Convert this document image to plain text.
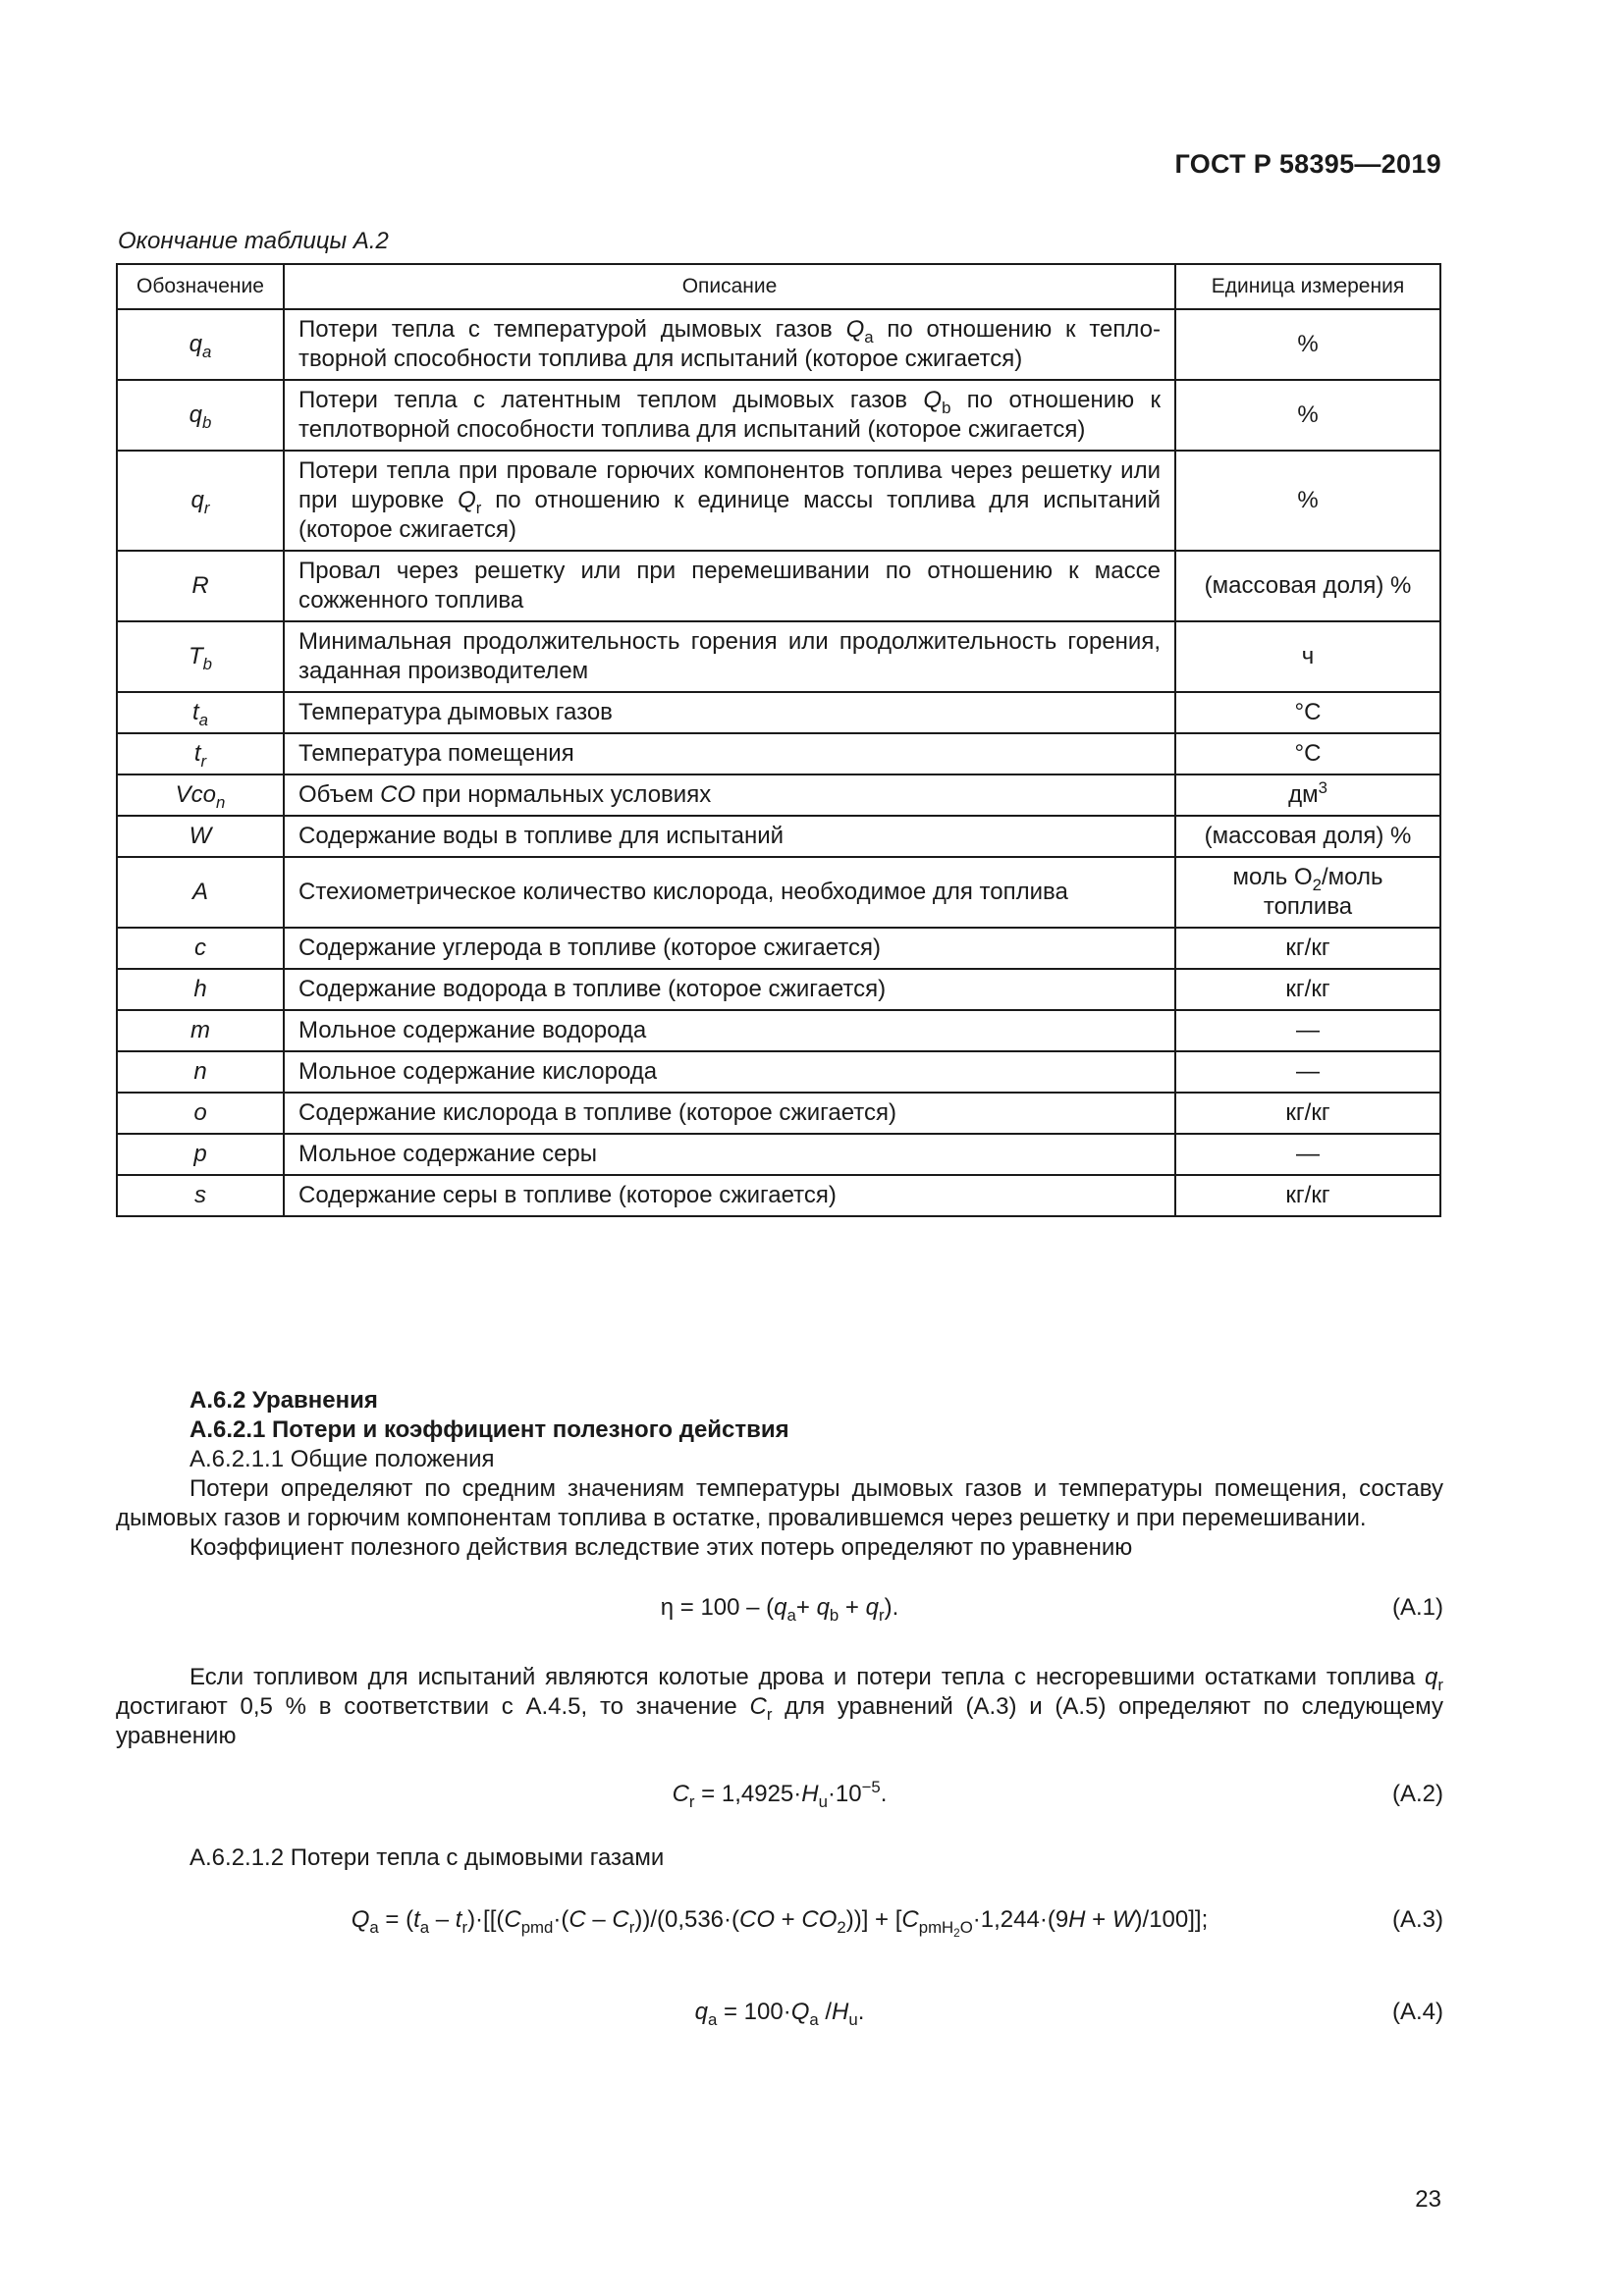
ГОСТ Р 58395—2019
Окончание таблицы А.2
Обозначение	Описание	Единица измерения
$q_a$	Потери тепла с температурой дымовых газов $Q_a$ по отношению к теплотворной способности топлива для испытаний (которое сжигается)	%
$q_b$	Потери тепла с латентным теплом дымовых газов $Q_b$ по отношению к теплотворной способности топлива для испытаний (которое сжигается)	%
$q_r$	Потери тепла при провале горючих компонентов топлива через решетку или при шуровке $Q_r$ по отношению к единице массы топлива для испытаний (которое сжигается)	%
R	Провал через решетку или при перемешивании по отношению к массе сожженного топлива	(массовая доля) %
$T_b$	Минимальная продолжительность горения или продолжительность горения, заданная производителем	ч
$t_a$	Температура дымовых газов	°С
$t_r$	Температура помещения	°С
Vco$_n$	Объем CO при нормальных условиях	$дм^3$
W	Содержание воды в топливе для испытаний	(массовая доля) %
A	Стехиометрическое количество кислорода, необходимое для топлива	моль $O_2$/моль
топлива
c	Содержание углерода в топливе (которое сжигается)	кг/кг
h	Содержание водорода в топливе (которое сжигается)	кг/кг
m	Мольное содержание водорода	—
n	Мольное содержание кислорода	—
o	Содержание кислорода в топливе (которое сжигается)	кг/кг
p	Мольное содержание серы	—
s	Содержание серы в топливе (которое сжигается)	кг/кг
А.6.2 Уравнения
А.6.2.1 Потери и коэффициент полезного действия
А.6.2.1.1 Общие положения
Потери определяют по средним значениям температуры дымовых газов и температуры помещения, составу дымовых газов и горючим компонентам топлива в остатке, провалившемся через решетку и при перемешивании.
Коэффициент полезного действия вследствие этих потерь определяют по уравнению
$\eta = 100 - (q_a+ q_b + q_r)$.	(А.1)
Если топливом для испытаний являются колотые дрова и потери тепла с несгоревшими остатками топлива $q_r$ достигают 0,5 % в соответствии с А.4.5, то значение $C_r$ для уравнений (А.3) и (А.5) определяют по следующему уравнению
$C_r = 1,4925\cdot H_u\cdot 10^{-5}$.	(А.2)
А.6.2.1.2 Потери тепла с дымовыми газами
$Q_a = (t_a - t_r)\cdot[[(C_{pmd}\cdot(C - C_r))/(0,536\cdot(CO + CO_2))] + [C_{pmH_2O}\cdot 1,244\cdot(9H + W)/100]]$;	(А.3)
$q_a = 100\cdot Q_a$ $/H_u$.	(А.4)
23
